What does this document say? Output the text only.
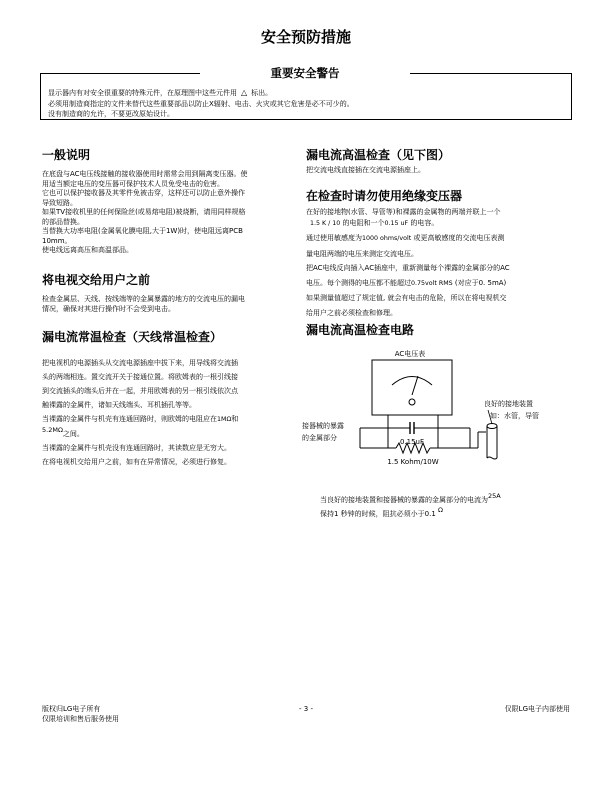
安全预防措施
重要安全警告
显示器内有对安全很重要的特殊元件，在原理图中这些元件用 △ 标出。
必须用制造商指定的文件来替代这些重要部品以防止X辐射、电击、火灾或其它危害是必不可少的。
没有制造商的允许，不要更改原始设计。
一般说明

在底盘与AC电压线接触的接收器使用时需常会用到隔离变压器。使

用适当额定电压的变压器可保护技术人员免受电击的危害。

它也可以保护接收器及其零件免被击穿，这样还可以防止意外操作

导致短路。

如果TV接收机里的任何保险丝(或易熔电阻)被烧断，请用同样规格

的部品替换。

当替换大功率电阻(金属氧化膜电阻,大于1W)时，使电阻远离PCB

10mm。

使电线远离高压和高温部品。

将电视交给用户之前

检查金属层、天线、按线端等的金属暴露的地方的交流电压的漏电

情况，确保对其进行操作时不会受到电击。

漏电流常温检查（天线常温检查）

把电视机的电源插头从交流电源插座中拔下来，用导线将交流插

头的两端相连。置交流开关于接通位置。将欧姆表的一根引线接

到交流插头的端头后并在一起，并用欧姆表的另一根引线依次点

触裸露的金属件，诸如天线端头、耳机插孔等等。

当裸露的金属件与机壳有连通回路时，则欧姆的电阻应在1MΩ和

5.2MΩ之间。

当裸露的金属件与机壳没有连通回路时，其读数应是无穷大。

在将电视机交给用户之前，如有在异常情况，必须进行修复。

漏电流高温检查（见下图）
把交流电线直接插在交流电源插座上。
在检查时请勿使用绝缘变压器

在好的接地物(水管、导管等)和裸露的金属物的两端并联上一个

1.5 K / 10 的电阻和一个0.15 uF 的电容。

通过使用敏感度为1000 ohms/volt 或更高敏感度的交流电压表测

量电阻两端的电压来测定交流电压。

把AC电线反向插入AC插座中，重新测量每个裸露的金属部分的AC

电压。每个测得的电压都不能超过0.75volt RMS (对应于0. 5mA)

如果测量值超过了规定值, 就会有电击的危险，所以在将电视机交

给用户之前必须检查和修理。

漏电流高温检查电路
AC电压表
0.15uF
1.5 Kohm/10W
接器械的暴露
的金属部分
良好的接地装置
如：水管，导管

当良好的接地装置和接器械的暴露的金属部分的电流为25A

保持1 秒钟的时候，阻抗必须小于0.1 Ω

版权归LG电子所有
仅限培训和售后服务使用
- 3 -	仅限LG电子内部使用
